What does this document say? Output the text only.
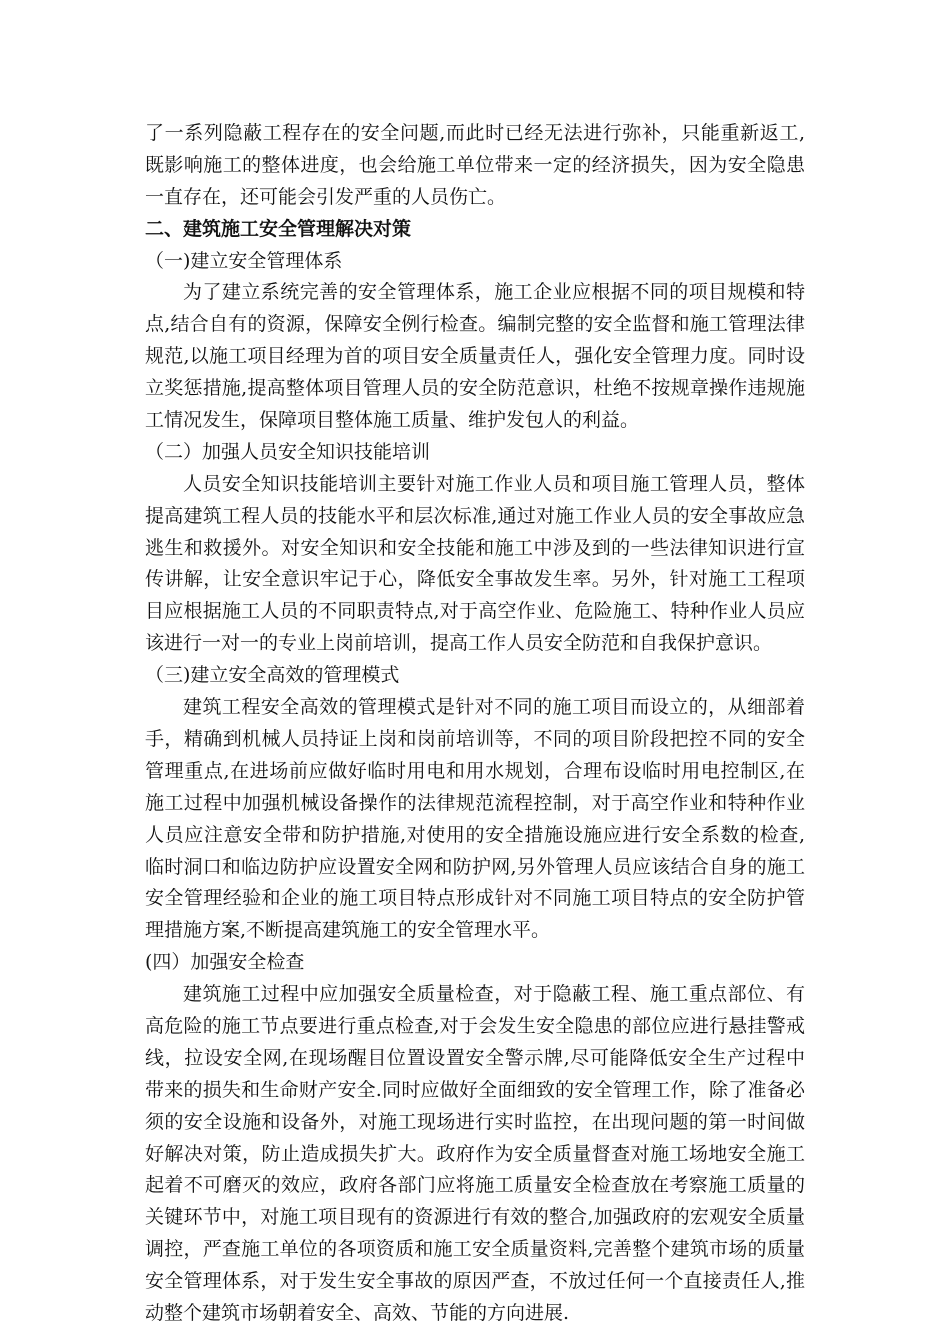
了一系列隐蔽工程存在的安全问题,而此时已经无法进行弥补，只能重新返工,
既影响施工的整体进度，也会给施工单位带来一定的经济损失，因为安全隐患
一直存在，还可能会引发严重的人员伤亡。
二、建筑施工安全管理解决对策
（一)建立安全管理体系
为了建立系统完善的安全管理体系，施工企业应根据不同的项目规模和特
点,结合自有的资源，保障安全例行检查。编制完整的安全监督和施工管理法律
规范,以施工项目经理为首的项目安全质量责任人，强化安全管理力度。同时设
立奖惩措施,提高整体项目管理人员的安全防范意识，杜绝不按规章操作违规施
工情况发生，保障项目整体施工质量、维护发包人的利益。
（二）加强人员安全知识技能培训
人员安全知识技能培训主要针对施工作业人员和项目施工管理人员，整体
提高建筑工程人员的技能水平和层次标准,通过对施工作业人员的安全事故应急
逃生和救援外。对安全知识和安全技能和施工中涉及到的一些法律知识进行宣
传讲解，让安全意识牢记于心，降低安全事故发生率。另外，针对施工工程项
目应根据施工人员的不同职责特点,对于高空作业、危险施工、特种作业人员应
该进行一对一的专业上岗前培训，提高工作人员安全防范和自我保护意识。
（三)建立安全高效的管理模式
建筑工程安全高效的管理模式是针对不同的施工项目而设立的，从细部着
手，精确到机械人员持证上岗和岗前培训等，不同的项目阶段把控不同的安全
管理重点,在进场前应做好临时用电和用水规划，合理布设临时用电控制区,在
施工过程中加强机械设备操作的法律规范流程控制，对于高空作业和特种作业
人员应注意安全带和防护措施,对使用的安全措施设施应进行安全系数的检查,
临时洞口和临边防护应设置安全网和防护网,另外管理人员应该结合自身的施工
安全管理经验和企业的施工项目特点形成针对不同施工项目特点的安全防护管
理措施方案,不断提高建筑施工的安全管理水平。
(四）加强安全检查
建筑施工过程中应加强安全质量检查，对于隐蔽工程、施工重点部位、有
高危险的施工节点要进行重点检查,对于会发生安全隐患的部位应进行悬挂警戒
线，拉设安全网,在现场醒目位置设置安全警示牌,尽可能降低安全生产过程中
带来的损失和生命财产安全.同时应做好全面细致的安全管理工作，除了准备必
须的安全设施和设备外，对施工现场进行实时监控，在出现问题的第一时间做
好解决对策，防止造成损失扩大。政府作为安全质量督查对施工场地安全施工
起着不可磨灭的效应，政府各部门应将施工质量安全检查放在考察施工质量的
关键环节中，对施工项目现有的资源进行有效的整合,加强政府的宏观安全质量
调控，严查施工单位的各项资质和施工安全质量资料,完善整个建筑市场的质量
安全管理体系，对于发生安全事故的原因严查，不放过任何一个直接责任人,推
动整个建筑市场朝着安全、高效、节能的方向进展.
